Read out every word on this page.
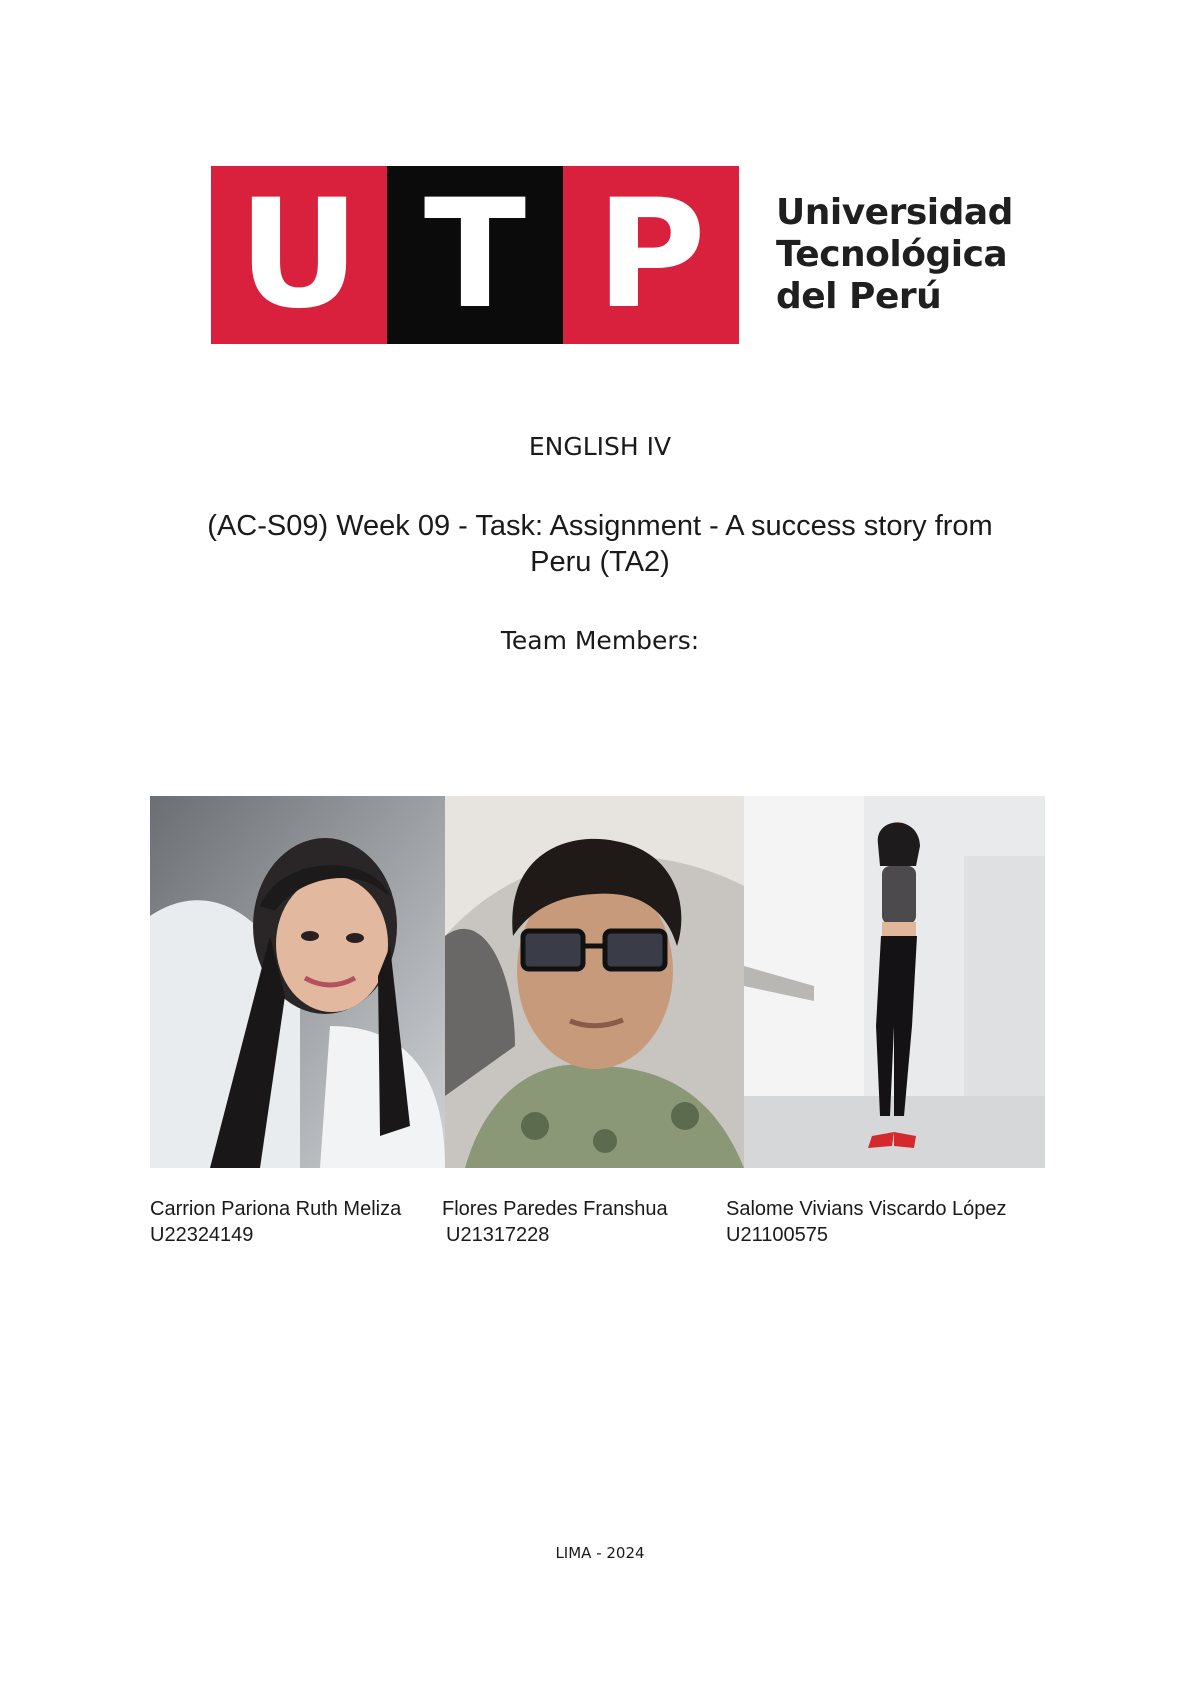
U T P	Universidad
Tecnológica
del Perú
ENGLISH IV
(AC-S09) Week 09 - Task: Assignment - A success story from
Peru (TA2)
Team Members:
Carrion Pariona Ruth Meliza
U22324149
Flores Paredes Franshua
U21317228
Salome Vivians Viscardo López
U21100575
LIMA - 2024
